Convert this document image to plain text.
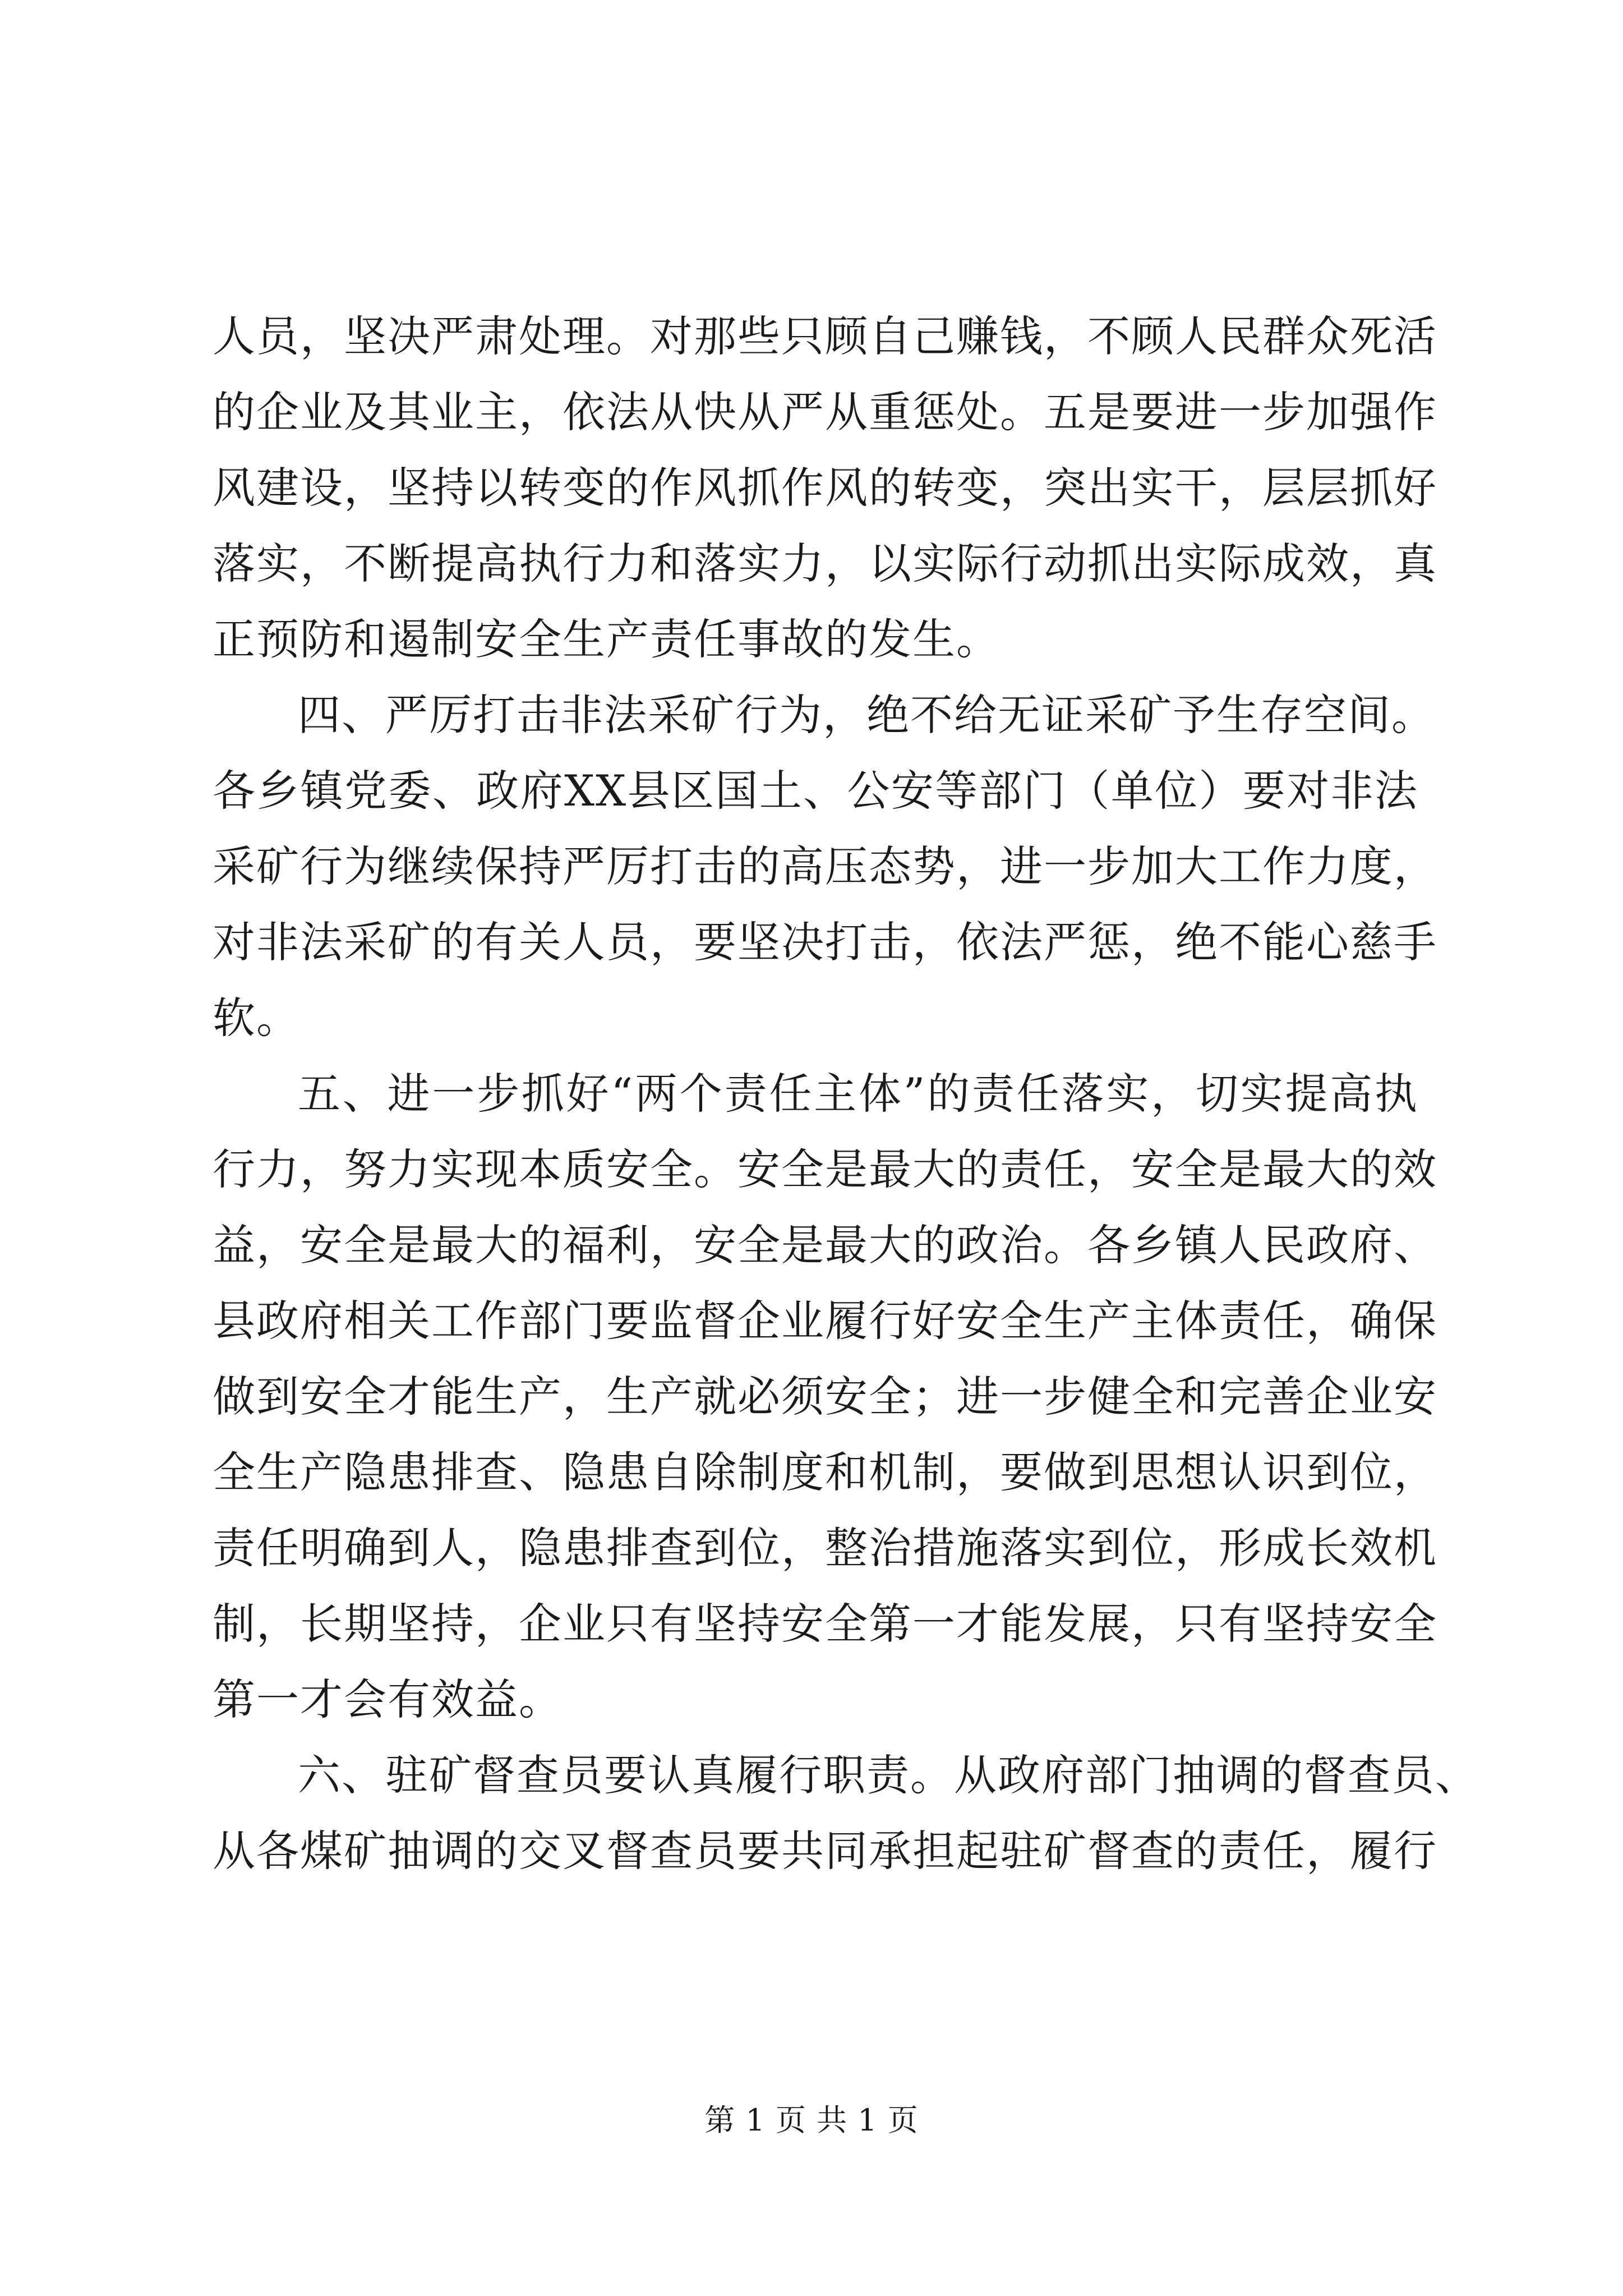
人员，坚决严肃处理。对那些只顾自己赚钱，不顾人民群众死活
的企业及其业主，依法从快从严从重惩处。五是要进一步加强作
风建设，坚持以转变的作风抓作风的转变，突出实干，层层抓好
落实，不断提高执行力和落实力，以实际行动抓出实际成效，真
正预防和遏制安全生产责任事故的发生。
四、严厉打击非法采矿行为，绝不给无证采矿予生存空间。
各乡镇党委、政府XX县区国土、公安等部门（单位）要对非法
采矿行为继续保持严厉打击的高压态势，进一步加大工作力度，
对非法采矿的有关人员，要坚决打击，依法严惩，绝不能心慈手
软。
五、进一步抓好“两个责任主体”的责任落实，切实提高执
行力，努力实现本质安全。安全是最大的责任，安全是最大的效
益，安全是最大的福利，安全是最大的政治。各乡镇人民政府、
县政府相关工作部门要监督企业履行好安全生产主体责任，确保
做到安全才能生产，生产就必须安全；进一步健全和完善企业安
全生产隐患排查、隐患自除制度和机制，要做到思想认识到位，
责任明确到人，隐患排查到位，整治措施落实到位，形成长效机
制，长期坚持，企业只有坚持安全第一才能发展，只有坚持安全
第一才会有效益。
六、驻矿督查员要认真履行职责。从政府部门抽调的督查员、
从各煤矿抽调的交叉督查员要共同承担起驻矿督查的责任，履行
第 1 页 共 1 页
